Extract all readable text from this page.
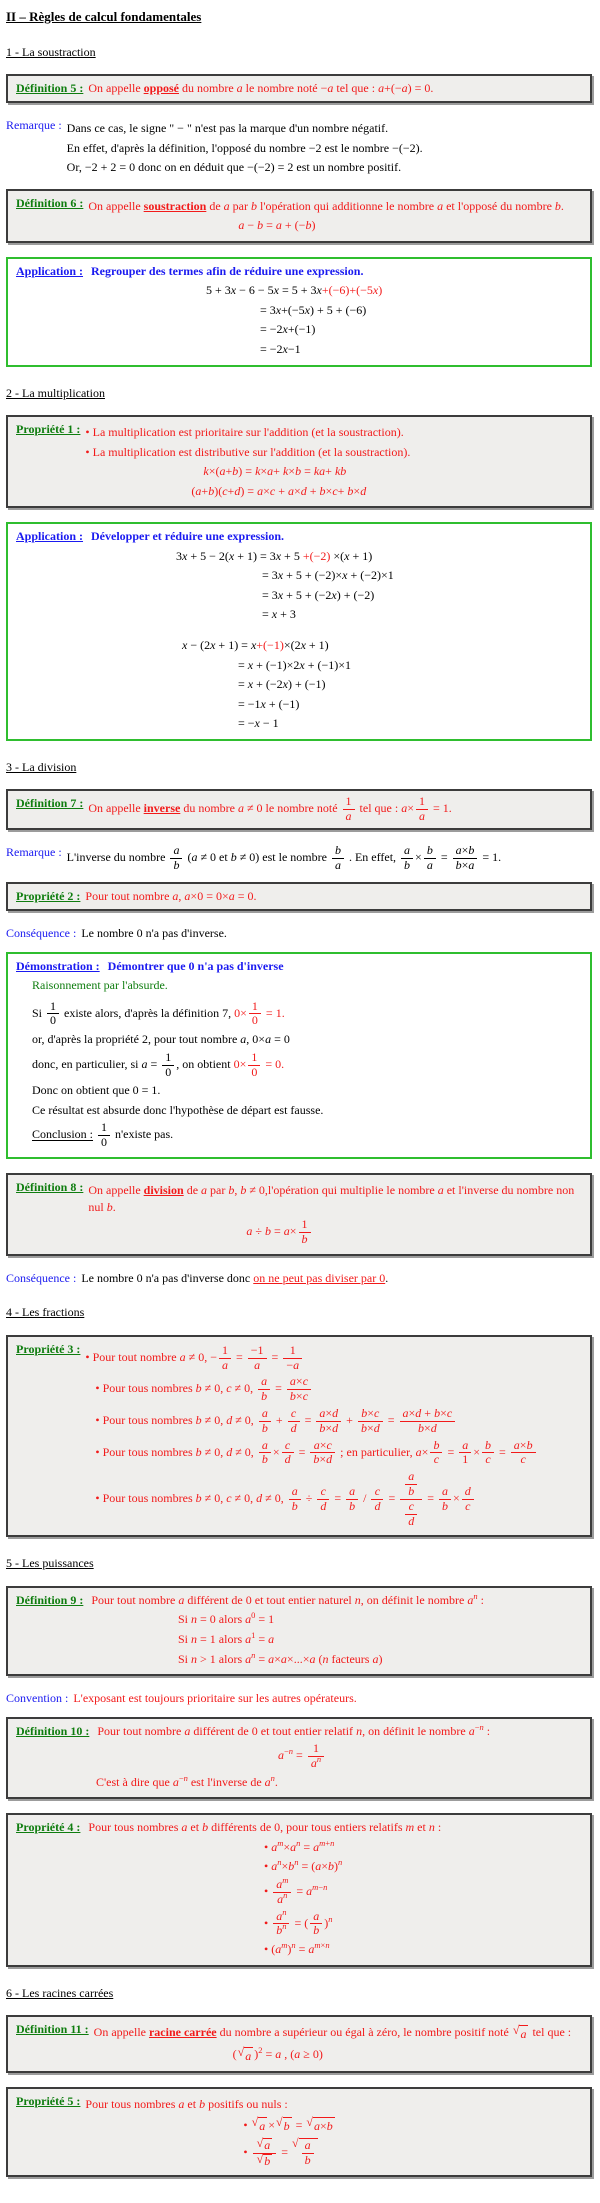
II – Règles de calcul fondamentales
1 - La soustraction
Définition 5 : On appelle opposé du nombre a le nombre noté −a tel que : a+(−a) = 0.
Remarque : Dans ce cas, le signe " − " n'est pas la marque d'un nombre négatif.
En effet, d'après la définition, l'opposé du nombre −2 est le nombre −(−2).
Or, −2 + 2 = 0 donc on en déduit que −(−2) = 2 est un nombre positif.
Définition 6 : On appelle soustraction de a par b l'opération qui additionne le nombre a et l'opposé du nombre b.
a − b = a + (−b)
Application : Regrouper des termes afin de réduire une expression.
5 + 3x − 6 − 5x = 5 + 3x+(−6)+(−5x)
= 3x+(−5x) + 5 + (−6)
= −2x+(−1)
= −2x−1
2 - La multiplication
Propriété 1 : • La multiplication est prioritaire sur l'addition (et la soustraction).
• La multiplication est distributive sur l'addition (et la soustraction).
k×(a+b) = k×a+ k×b = ka+ kb
(a+b)(c+d) = a×c + a×d + b×c+ b×d
Application : Développer et réduire une expression.
3x + 5 − 2(x + 1) = 3x + 5 +(−2) ×(x + 1)
= 3x + 5 + (−2)×x + (−2)×1
= 3x + 5 + (−2x) + (−2)
= x + 3
x − (2x + 1) = x+(−1)×(2x + 1)
= x + (−1)×2x + (−1)×1
= x + (−2x) + (−1)
= −1x + (−1)
= −x − 1
3 - La division
Définition 7 : On appelle inverse du nombre a ≠ 0 le nombre noté $\frac{1}{a}$ tel que : $a\times \frac{1}{a} = 1$.
Remarque : L'inverse du nombre $\frac{a}{b} (a \ne 0$ et b ≠ 0) est le nombre $\frac{b}{a}$ . En effet, $\frac{a}{b} \times \frac{b}{a} = \frac{a\times b}{b\times a} = 1$.
Propriété 2 : Pour tout nombre a, a×0 = 0×a = 0.
Conséquence : Le nombre 0 n'a pas d'inverse.
Démonstration : Démontrer que 0 n'a pas d'inverse
Raisonnement par l'absurde.
Si $\frac{1}{0}$ existe alors, d'après la définition 7, $0\times \frac{1}{0} = 1$.
or, d'après la propriété 2, pour tout nombre a, 0×a = 0
donc, en particulier, si $a = \frac{1}{0}$ , on obtient $0\times \frac{1}{0} = 0$.
Donc on obtient que 0 = 1.
Ce résultat est absurde donc l'hypothèse de départ est fausse.
Conclusion : $\frac{1}{0}$ n'existe pas.
Définition 8 : On appelle division de a par b, b ≠ 0,l'opération qui multiplie le nombre a et l'inverse du nombre non nul b.
$a \div b = a\times \frac{1}{b}$
Conséquence : Le nombre 0 n'a pas d'inverse donc on ne peut pas diviser par 0.
4 - Les fractions
Propriété 3 :
• Pour tout nombre a ≠ 0, − $\frac{1}{a} = \frac{-1}{a} = \frac{1}{-a}$
• Pour tous nombres b ≠ 0, c ≠ 0, $\frac{a}{b} = \frac{a\times c}{b\times c}$
• Pour tous nombres b ≠ 0, d ≠ 0, $\frac{a}{b} + \frac{c}{d} = \frac{a\times d}{b\times d} + \frac{b\times c}{b\times d} = \frac{a\times d + b\times c}{b\times d}$
• Pour tous nombres b ≠ 0, d ≠ 0, $\frac{a}{b} \times \frac{c}{d} = \frac{a\times c}{b\times d}$ ; en particulier, $a\times \frac{b}{c} = \frac{a}{1} \times \frac{b}{c} = \frac{a\times b}{c}$
• Pour tous nombres b ≠ 0, c ≠ 0, d ≠ 0, $\frac{a}{b} \div \frac{c}{d} = \frac{a}{b} / \frac{c}{d} = \frac{\frac{a}{b}}{\frac{c}{d}} = \frac{a}{b} \times \frac{d}{c}$
5 - Les puissances
Définition 9 : Pour tout nombre a différent de 0 et tout entier naturel n, on définit le nombre $a^n$ :
Si n = 0 alors $a^0 = 1$
Si n = 1 alors $a^1 = a$
Si n > 1 alors $a^n = a\times a\times...\times a$ (n facteurs a)
Convention : L'exposant est toujours prioritaire sur les autres opérateurs.
Définition 10 : Pour tout nombre a différent de 0 et tout entier relatif n, on définit le nombre $a^{-n}$ :
$a^{-n} = \frac{1}{a^n}$
C'est à dire que $a^{-n}$ est l'inverse de $a^n$.
Propriété 4 : Pour tous nombres a et b différents de 0, pour tous entiers relatifs m et n :
• $a^m\times a^n = a^{m+n}$
• $a^n\times b^n = (a\times b)^n$
• $\frac{a^m}{a^n} = a^{m-n}$
• $\frac{a^n}{b^n}$ = ( $\frac{a}{b} )^n$
• $(a^m)^n = a^{m\times n}$
6 - Les racines carrées
Définition 11 : On appelle racine carrée du nombre a supérieur ou égal à zéro, le nombre positif noté √ a tel que :
( √ a )$^2$ = a , (a ≥ 0)
Propriété 5 : Pour tous nombres a et b positifs ou nuls :
• √ a × √ b = √ a×b
• $\frac{√ a}{√ b}$ =
√ $\frac{a}{b}$
